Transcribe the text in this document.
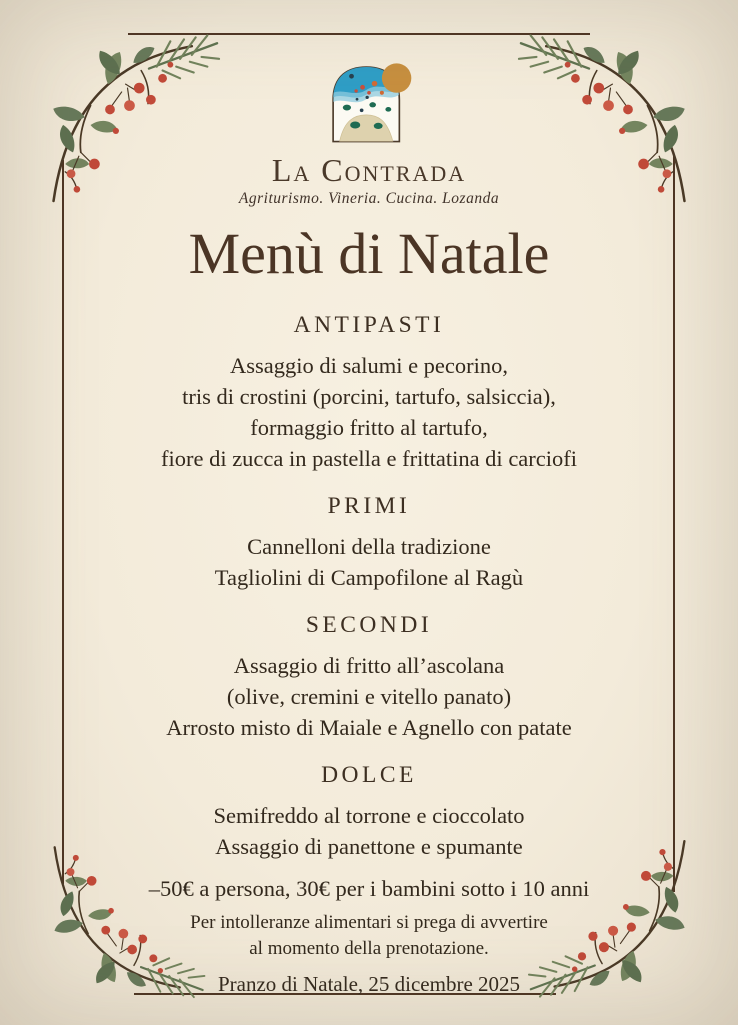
La Contrada
Agriturismo. Vineria. Cucina. Lozanda
Menù di Natale
ANTIPASTI

Assaggio di salumi e pecorino,

tris di crostini (porcini, tartufo, salsiccia),

formaggio fritto al tartufo,

fiore di zucca in pastella e frittatina di carciofi

PRIMI

Cannelloni della tradizione

Tagliolini di Campofilone al Ragù

SECONDI

Assaggio di fritto all’ascolana

(olive, cremini e vitello panato)

Arrosto misto di Maiale e Agnello con patate

DOLCE

Semifreddo al torrone e cioccolato

Assaggio di panettone e spumante

–50€ a persona, 30€ per i bambini sotto i 10 anni

Per intolleranze alimentari si prega di avvertire

al momento della prenotazione.

Pranzo di Natale, 25 dicembre 2025
